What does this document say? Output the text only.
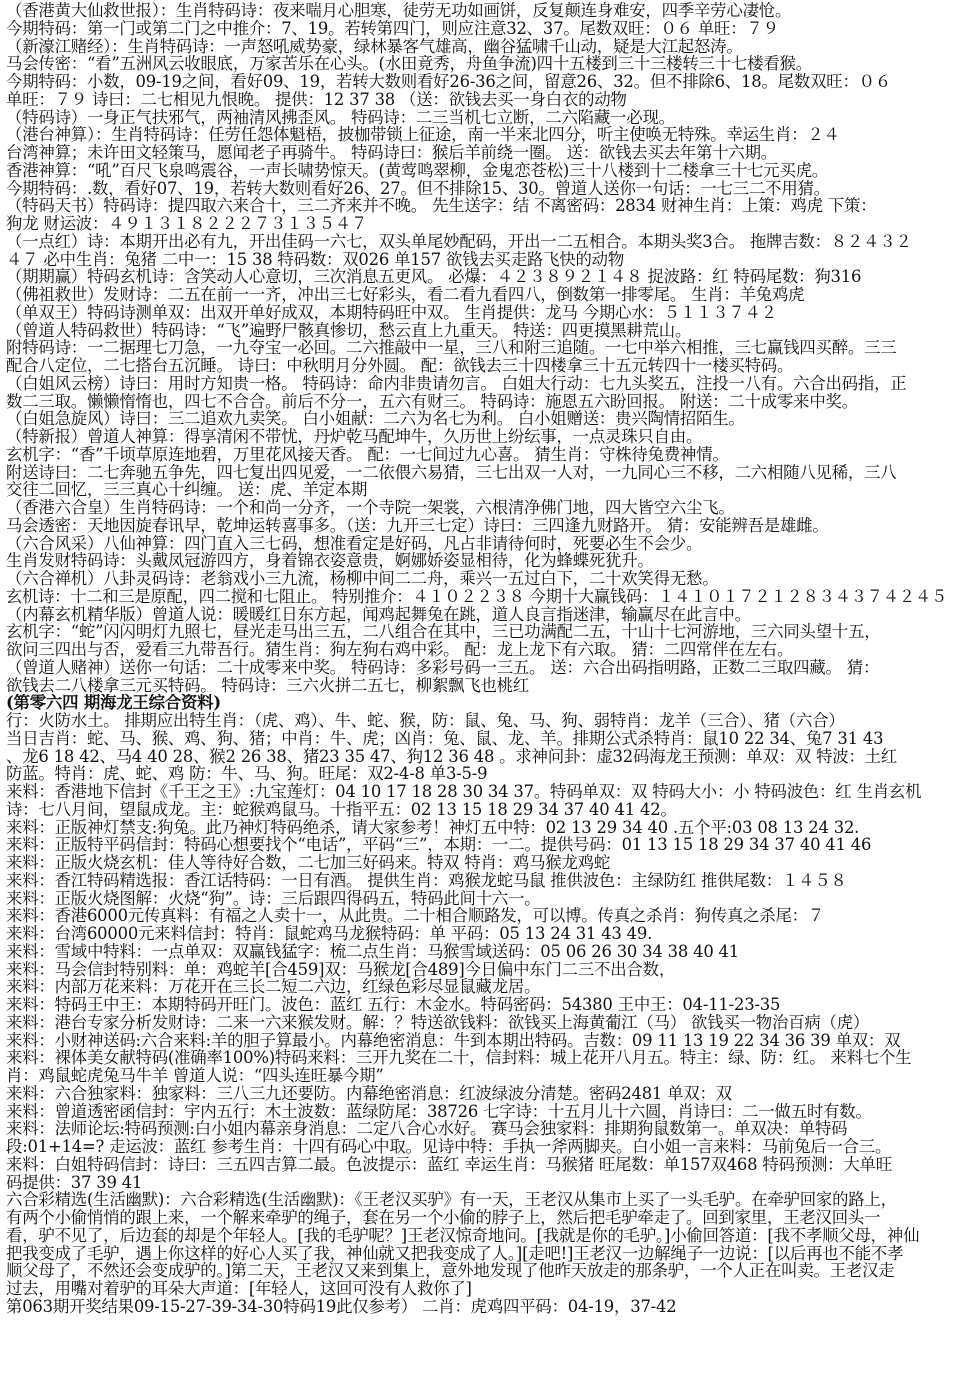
（香港黄大仙救世报）：生肖特码诗：夜来喘月心胆寒，徒劳无功如画饼，反复颠连身难安，四季辛劳心凄怆。
今期特码：第一门或第二门之中推介：7、19。若转第四门，则应注意32、37。尾数双旺：０６ 单旺：７９
（新濠江赌经）：生肖特码诗：一声怒吼威势豪，绿林暴客气雄高，幽谷猛啸千山动，疑是大江起怒涛。
马会传密：“看”五洲风云收眼底，万家苦乐在心头。(水田竟秀，舟鱼争流)四十五楼到三十三楼转三十七楼看猴。
今期特码：小数，09-19之间，看好09、19，若转大数则看好26-36之间，留意26、32。但不排除6、18。尾数双旺：０６
单旺：７９ 诗曰：二七相见九恨晚。 提供：12 37 38 （送：欲钱去买一身白衣的动物
（特码诗）一身正气扶邪气，两袖清风拂歪风。 特码诗：二三当机七立断，二六陷藏一必现。
（港台神算）：生肖特码诗：任劳任怨体魁梧，披枷带锁上征途，南一半来北四分，听主使唤无特殊。幸运生肖：２４
台湾神算；未许田文轻策马，愿闻老子再骑牛。 特码诗曰：猴后羊前绕一圈。 送：欲钱去买去年第十六期。
香港神算：“吼”百尺飞泉鸣震谷，一声长啸势惊天。(黄莺鸣翠柳，金鬼恋苍松)三十八楼到十二楼拿三十七元买虎。
今期特码：.数，看好07、19，若转大数则看好26、27。但不排除15、30。曾道人送你一句话：一七三二不用猜。
（特码天书）特码诗：提四取六来合十，三二齐来并不晚。 先生送字：结 不离密码：2834 财神生肖：上策：鸡虎 下策：
狗龙 财运波：４９１３１８２２２７３１３５４７
（一点红）诗：本期开出必有九，开出佳码一六七，双头单尾妙配码，开出一二五相合。本期头奖3合。 拖牌吉数：８２４３２
４７ 必中生肖：兔猪 二中一：15 38 特码数：双026 单157 欲钱去买走路飞快的动物
（期期赢）特码玄机诗：含笑动人心意切，三次消息五更风。 必爆：４２３８９２１４８ 捉波路：红 特码尾数：狗316
（佛祖救世）发财诗：二五在前一一齐，冲出三七好彩头，看二看九看四八，倒数第一排零尾。 生肖：羊兔鸡虎
（单双王）特码诗测单双：出双开单好成双，本期特码旺中双。 生肖提供：龙马 今期心水：５１１３７４２
（曾道人特码救世）特码诗：“飞”遍野尸骸真惨切，愁云直上九重天。 特送：四更摸黑耕荒山。
附特码诗：一二据理七刀急，一九夺宝一必回。二六推敲中一星，三八和附三追随。一七中举六相推，三七赢钱四买醉。三三
配合八定位，二七搭台五沉睡。 诗曰：中秋明月分外圆。 配：欲钱去三十四楼拿三十五元转四十一楼买特码。
（白姐风云榜）诗曰：用时方知贵一格。 特码诗：命内非贵请勿言。 白姐大行动：七九头奖五，注投一八有。六合出码指，正
数二三取。懒懒惰惰也，四七不合合。前后不分一，五六有财三。 特码诗：施恩五六盼回报。 附送：二十成零来中奖。
（白姐急旋风）诗曰：三二追欢九卖笑。 白小姐献：二六为名七为利。 白小姐赠送：贵兴陶情招陌生。
（特新报）曾道人神算：得享清闲不带忧，丹炉乾马配坤牛，久历世上纷纭事，一点灵珠只自由。
玄机字：“香”千顷草原连地碧，万里花风接天香。 配：一七间过九心喜。 猜生肖：守株待兔费神情。
附送诗曰：二七奔驰五争先，四七复出四见爱，一二依偎六易猜，三七出双一人对，一九同心三不移，二六相随八见稀，三八
交往二回忆，三三真心十纠缠。 送：虎、羊定本期
（香港六合皇）生肖特码诗：一个和尚一分齐，一个寺院一架裳，六根清净佛门地，四大皆空六尘飞。
马会透密：天地因旋春讯早，乾坤运转喜事多。（送：九开三七定）诗曰：三四逢九财路开。 猜：安能辨吾是雄雌。
（六合风采）八仙神算：四门直入三七码，想准看定是好码，凡占非请待何时，死要必生不会少。
生肖发财特码诗：头戴凤冠游四方，身着锦衣姿意贵，婀娜娇姿显相待，化为蜂蝶死犹升。
（六合禅机）八卦灵码诗：老翁戏小三九流，杨柳中间二二舟，乘兴一五过白下，二十欢笑得无愁。
玄机诗：十二和三是原配，四二搅和七阻止。 特别推介：４１０２２３８ 今期十大赢钱码：１４１０１７２１２８３４３７４２４５
（内幕玄机精华版）曾道人说：暖暖红日东方起，闻鸡起舞兔在跳，道人良言指迷津，输赢尽在此言中。
玄机字：“蛇”闪闪明灯九照七，昼光走马出三五，二八组合在其中，三已功满配二五，十山十七河游地，三六同头望十五，
欲问三四出与否，爱看三九带吾行。猜生肖：狗左狗右鸡中彩。 配：龙上龙下有六取。 猜：二四常伴在左右。
（曾道人赌神）送你一句话：二十成零来中奖。 特码诗：多彩号码一三五。 送：六合出码指明路，正数二三取四藏。 猜：
欲钱去二八楼拿三元买特码。 特码诗：三六火拼二五七，柳絮飘飞也桃红
(第零六四 期海龙王综合资料)
行：火防水土。 排期应出特生肖：（虎、鸡）、牛、蛇、猴，防：鼠、兔、马、狗、弱特肖：龙羊（三合）、猪（六合）
当日吉肖：蛇、马、猴、鸡、狗、猪；中肖：牛、虎；凶肖：兔、鼠、龙、羊。排期公式杀特肖：鼠10 22 34、兔7 31 43
、龙6 18 42、马4 40 28、猴2 26 38、猪23 35 47、狗12 36 48 。求神问卦：虚32码海龙王预测：单双：双 特波：土红
防蓝。特肖：虎、蛇、鸡 防：牛、马、狗。旺尾：双2-4-8 单3-5-9
来料：香港地下信封《千王之王》:九宝莲灯：04 10 17 18 28 30 34 37。特码单双：双 特码大小：小 特码波色：红 生肖玄机
诗：七八月间，望鼠成龙。主：蛇猴鸡鼠马。十指平五：02 13 15 18 29 34 37 40 41 42。
来料：正版神灯禁支:狗兔。此乃神灯特码绝杀，请大家参考！神灯五中特：02 13 29 34 40 .五个平:03 08 13 24 32.
来料：正版特平码信封：特码心想要找个“电话”，平码“三”，本期：一二。提供号码：01 13 15 18 29 34 37 40 41 46
来料：正版火烧玄机：佳人等待好合数，二七加三好码来。特双 特肖：鸡马猴龙鸡蛇
来料：香江特码精选报：香江话特码：一日有酒。 提供生肖：鸡猴龙蛇马鼠 推供波色：主绿防红 推供尾数：１４５８
来料：正版火烧图解：火烧“狗”。诗：三后跟四得码五，特码此间十六一。
来料：香港6000元传真料：有福之人卖十一，从此贵。二十相合顺路发，可以博。传真之杀肖：狗传真之杀尾：７
来料：台湾60000元来料信封：特肖：鼠蛇鸡马龙猴特码：单 平码：05 13 24 31 43 49.
来料：雪域中特料：一点单双：双赢钱猛字：梳二点生肖：马猴雪域送码：05 06 26 30 34 38 40 41
来料：马会信封特别料：单：鸡蛇羊[合459]双：马猴龙[合489]今日偏中东门二三不出合数，
来料：内部万花来料：万花开在三长二短二六边，红绿色彩尽显鼠藏龙居。
来料：特码王中王：本期特码开旺门。波色：蓝红 五行：木金水。特码密码：54380 王中王：04-11-23-35
来料：港台专家分析发财诗：二来一六来猴发财。解：？特送欲钱料：欲钱买上海黄葡江（马） 欲钱买一物治百病（虎）
来料：小财神送码:六合来料:羊的胆子算最小。内幕绝密消息：牛到本期出特码。吉数：09 11 13 19 22 34 36 39 单双：双
来料：裸体美女献特码(准确率100%)特码来料：三开九奖在二十，信封料：城上花开八月五。特主：绿、防：红。 来料七个生
肖：鸡鼠蛇虎兔马牛羊 曾道人说：“四头连旺暴今期”
来料：六合独家料：独家料：三八三九还要防。内幕绝密消息：红波绿波分清楚。密码2481 单双：双
来料：曾道透密函信封：宇内五行：木土波数：蓝绿防尾：38726 七字诗：十五月儿十六圆，肖诗曰：二一做五时有数。
来料：法师论坛:特码预测:白小姐内幕亲身消息：二定八合心水好。 赛马会独家料：排期狗鼠数第一。单双决：单特码
段:01+14=? 走运波：蓝红 参考生肖：十四有码心中取。见诗中特：手执一斧两脚夹。白小姐一言来料：马前兔后一合三。
来料：白姐特码信封：诗曰：三五四吉算二最。色波提示：蓝红 幸运生肖：马猴猪 旺尾数：单157双468 特码预测：大单旺
码提供：37 39 41
六合彩精选(生活幽默)：六合彩精选(生活幽默)：《王老汉买驴》有一天，王老汉从集市上买了一头毛驴。在牵驴回家的路上，
有两个小偷悄悄的跟上来，一个解来牵驴的绳子，套在另一个小偷的脖子上，然后把毛驴牵走了。回到家里，王老汉回头一
看，驴不见了，后边套的却是个年轻人。[我的毛驴呢？]王老汉惊奇地问。[我就是你的毛驴。]小偷回答道：[我不孝顺父母，神仙
把我变成了毛驴，遇上你这样的好心人买了我，神仙就又把我变成了人。][走吧!]王老汉一边解绳子一边说：[以后再也不能不孝
顺父母了，不然还会变成驴的。]第二天，王老汉又来到集上，意外地发现了他昨天放走的那条驴，一个人正在叫卖。王老汉走
过去，用嘴对着驴的耳朵大声道：[年轻人，这回可没有人救你了]
第063期开奖结果09-15-27-39-34-30特码19此仅参考） 二肖：虎鸡四平码：04-19，37-42
